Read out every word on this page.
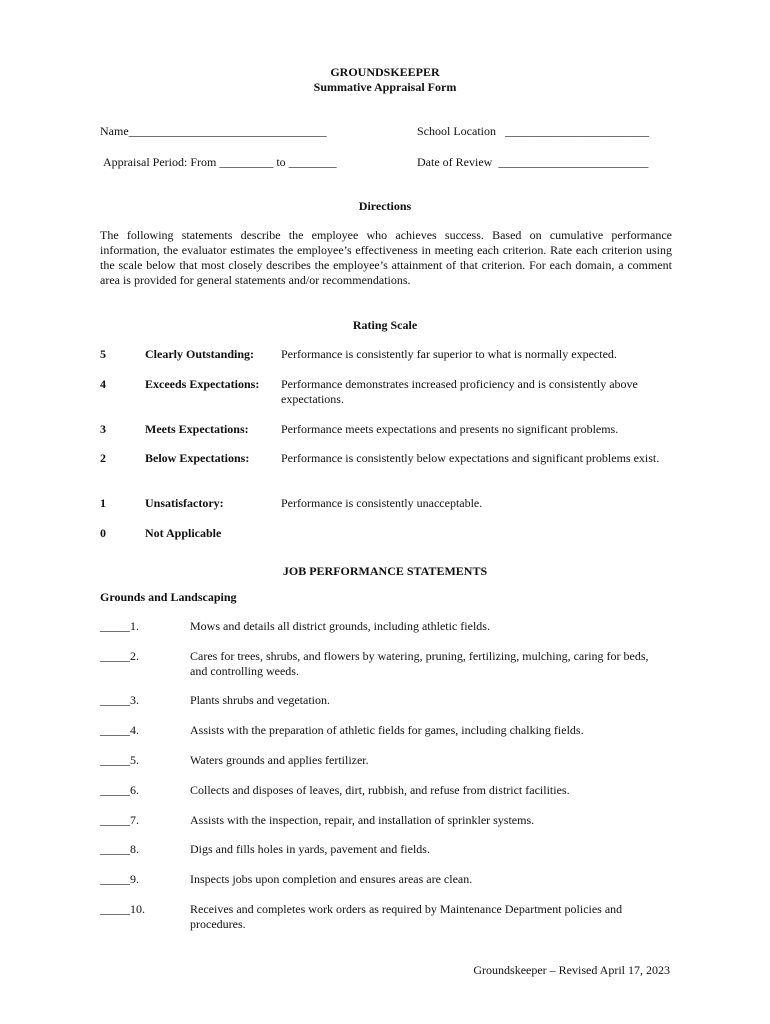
GROUNDSKEEPER
Summative Appraisal Form
Name_________________________________	School Location ________________________
Appraisal Period: From _________ to ________	Date of Review _________________________
Directions
The following statements describe the employee who achieves success. Based on cumulative performance information, the evaluator estimates the employee’s effectiveness in meeting each criterion. Rate each criterion using the scale below that most closely describes the employee’s attainment of that criterion. For each domain, a comment area is provided for general statements and/or recommendations.
Rating Scale
5	Clearly Outstanding: Performance is consistently far superior to what is normally expected.
4	Exceeds Expectations: Performance demonstrates increased proficiency and is consistently above expectations.
3	Meets Expectations:	Performance meets expectations and presents no significant problems.
2	Below Expectations:	Performance is consistently below expectations and significant problems exist.
1	Unsatisfactory:	Performance is consistently unacceptable.
0	Not Applicable
JOB PERFORMANCE STATEMENTS
Grounds and Landscaping
_____1.	Mows and details all district grounds, including athletic fields.
_____2.	Cares for trees, shrubs, and flowers by watering, pruning, fertilizing, mulching, caring for beds, and controlling weeds.
_____3.	Plants shrubs and vegetation.
_____4.	Assists with the preparation of athletic fields for games, including chalking fields.
_____5.	Waters grounds and applies fertilizer.
_____6.	Collects and disposes of leaves, dirt, rubbish, and refuse from district facilities.
_____7.	Assists with the inspection, repair, and installation of sprinkler systems.
_____8.	Digs and fills holes in yards, pavement and fields.
_____9.	Inspects jobs upon completion and ensures areas are clean.
_____10.	Receives and completes work orders as required by Maintenance Department policies and procedures.
Groundskeeper – Revised April 17, 2023
